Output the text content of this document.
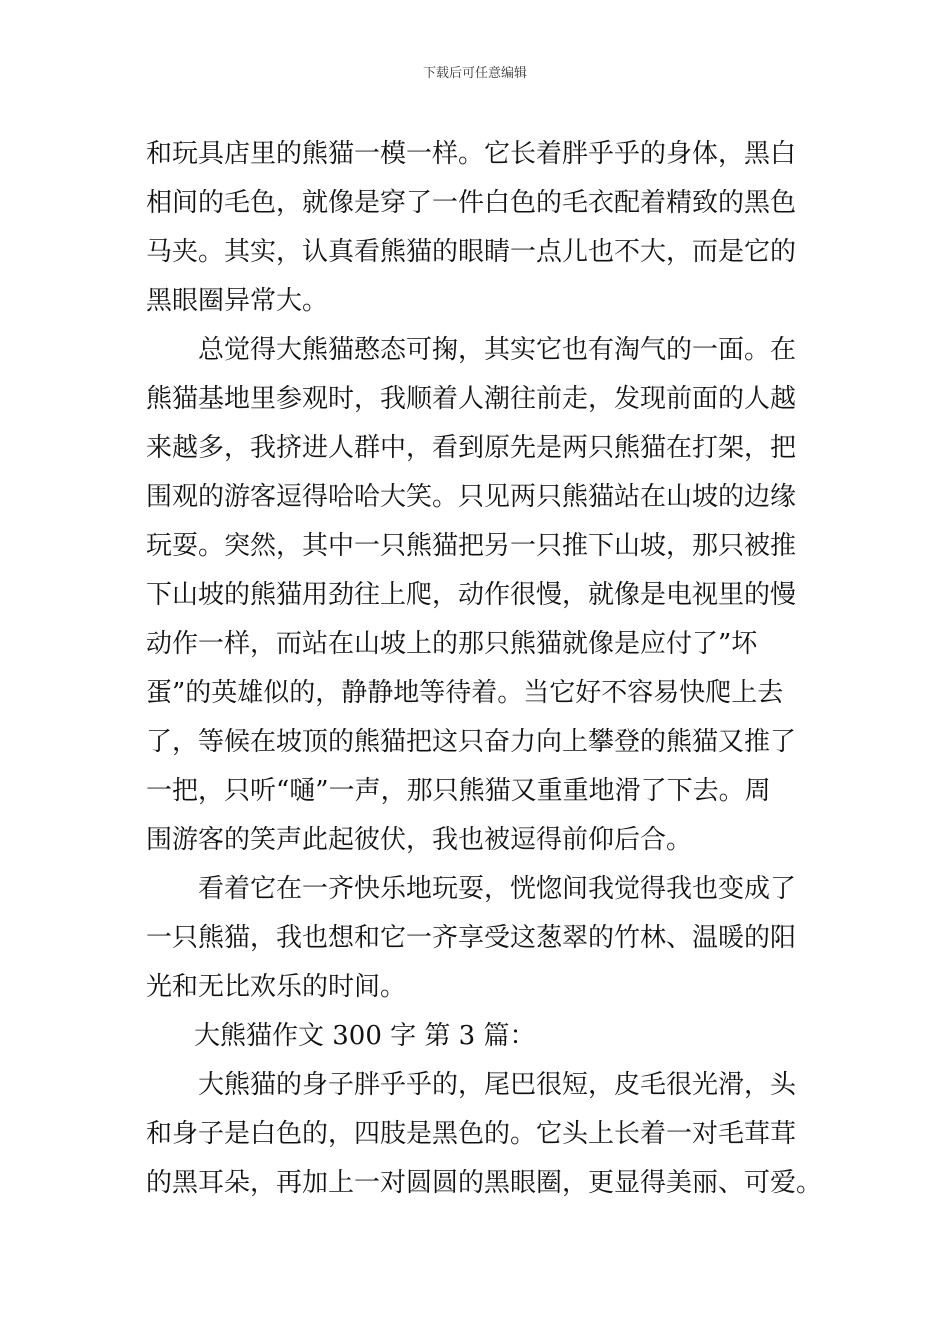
下载后可任意编辑
和玩具店里的熊猫一模一样。它长着胖乎乎的身体，黑白
相间的毛色，就像是穿了一件白色的毛衣配着精致的黑色
马夹。其实，认真看熊猫的眼睛一点儿也不大，而是它的
黑眼圈异常大。
总觉得大熊猫憨态可掬，其实它也有淘气的一面。在
熊猫基地里参观时，我顺着人潮往前走，发现前面的人越
来越多，我挤进人群中，看到原先是两只熊猫在打架，把
围观的游客逗得哈哈大笑。只见两只熊猫站在山坡的边缘
玩耍。突然，其中一只熊猫把另一只推下山坡，那只被推
下山坡的熊猫用劲往上爬，动作很慢，就像是电视里的慢
动作一样，而站在山坡上的那只熊猫就像是应付了”坏
蛋”的英雄似的，静静地等待着。当它好不容易快爬上去
了，等候在坡顶的熊猫把这只奋力向上攀登的熊猫又推了
一把，只听“嗵”一声，那只熊猫又重重地滑了下去。周
围游客的笑声此起彼伏，我也被逗得前仰后合。
看着它在一齐快乐地玩耍，恍惚间我觉得我也变成了
一只熊猫，我也想和它一齐享受这葱翠的竹林、温暖的阳
光和无比欢乐的时间。
大熊猫作文 300 字 第 3 篇：
大熊猫的身子胖乎乎的，尾巴很短，皮毛很光滑，头
和身子是白色的，四肢是黑色的。它头上长着一对毛茸茸
的黑耳朵，再加上一对圆圆的黑眼圈，更显得美丽、可爱。
